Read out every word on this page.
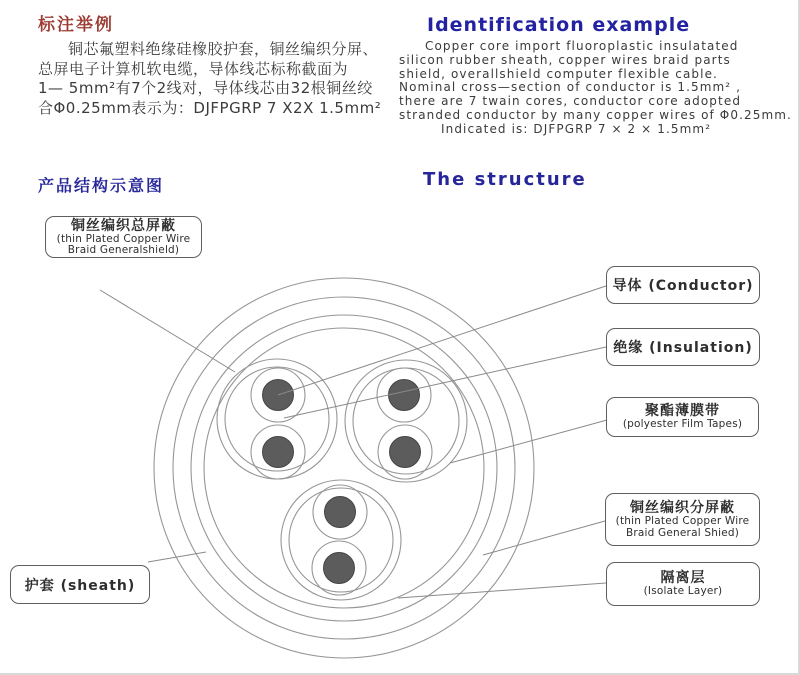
标注举例
铜芯氟塑料绝缘硅橡胶护套，铜丝编织分屏、
总屏电子计算机软电缆，导体线芯标称截面为
1— 5mm²有7个2线对，导体线芯由32根铜丝绞
合Φ0.25mm表示为：DJFPGRP 7 X2X 1.5mm²
Identification example
Copper core import fluoroplastic insulatated
silicon rubber sheath, copper wires braid parts
shield, overallshield computer flexible cable.
Nominal cross—section of conductor is 1.5mm² ,
there are 7 twain cores, conductor core adopted
stranded conductor by many copper wires of Φ0.25mm.
Indicated is: DJFPGRP 7 × 2 × 1.5mm²
产品结构示意图	The structure
铜丝编织总屏蔽
(thin Plated Copper Wire
Braid Generalshield)
导体 (Conductor)
绝缘 (Insulation)
聚酯薄膜带
(polyester Film Tapes)
铜丝编织分屏蔽
(thin Plated Copper Wire
Braid General Shied)
隔离层
(Isolate Layer)
护套 (sheath)
